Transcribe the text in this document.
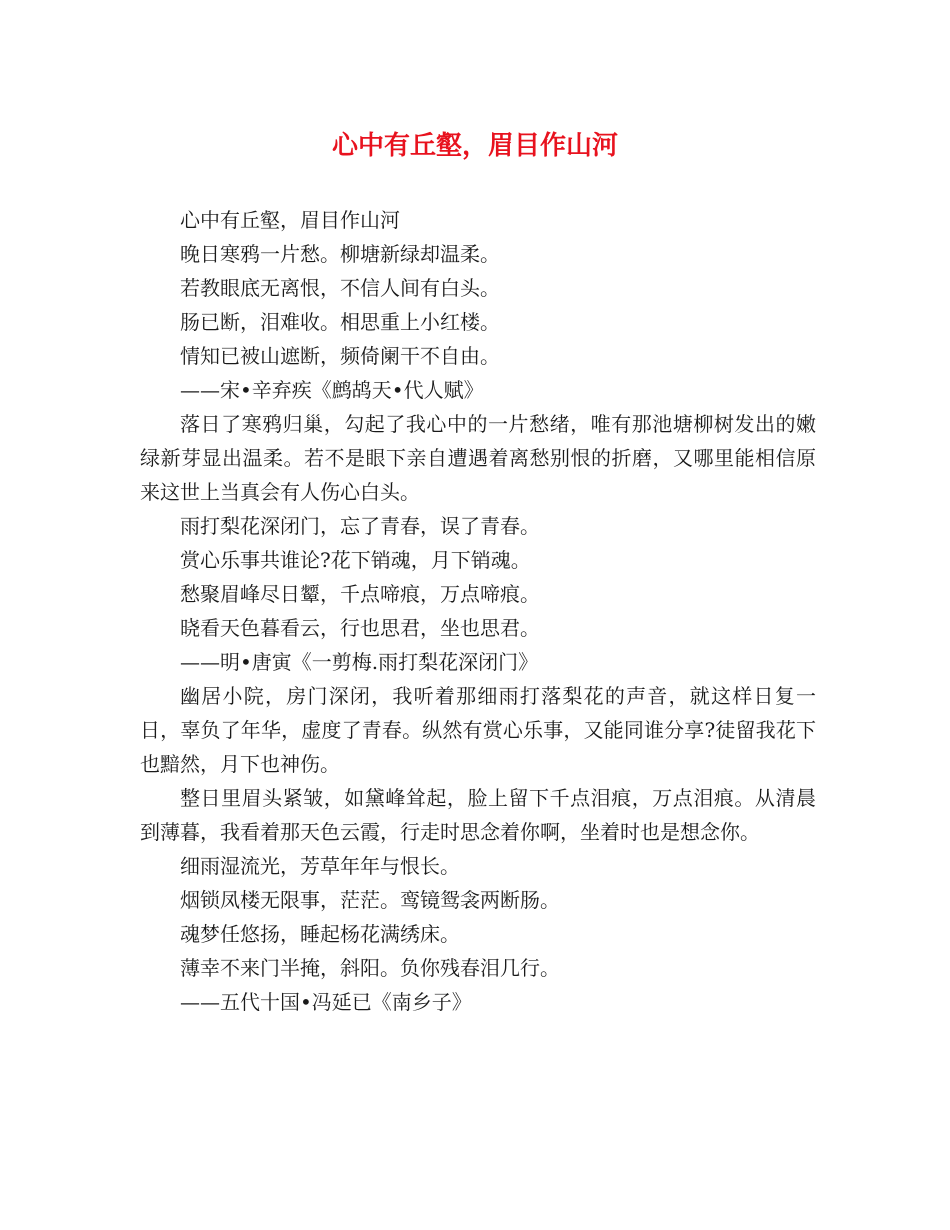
心中有丘壑，眉目作山河

心中有丘壑，眉目作山河

晚日寒鸦一片愁。柳塘新绿却温柔。

若教眼底无离恨，不信人间有白头。

肠已断，泪难收。相思重上小红楼。

情知已被山遮断，频倚阑干不自由。

——宋•辛弃疾《鹧鸪天•代人赋》

落日了寒鸦归巢，勾起了我心中的一片愁绪，唯有那池塘柳树发出的嫩绿新芽显出温柔。若不是眼下亲自遭遇着离愁别恨的折磨，又哪里能相信原来这世上当真会有人伤心白头。

雨打梨花深闭门，忘了青春，误了青春。

赏心乐事共谁论?花下销魂，月下销魂。

愁聚眉峰尽日颦，千点啼痕，万点啼痕。

晓看天色暮看云，行也思君，坐也思君。

——明•唐寅《一剪梅.雨打梨花深闭门》

幽居小院，房门深闭，我听着那细雨打落梨花的声音，就这样日复一日，辜负了年华，虚度了青春。纵然有赏心乐事，又能同谁分享?徒留我花下也黯然，月下也神伤。

整日里眉头紧皱，如黛峰耸起，脸上留下千点泪痕，万点泪痕。从清晨到薄暮，我看着那天色云霞，行走时思念着你啊，坐着时也是想念你。

细雨湿流光，芳草年年与恨长。

烟锁凤楼无限事，茫茫。鸾镜鸳衾两断肠。

魂梦任悠扬，睡起杨花满绣床。

薄幸不来门半掩，斜阳。负你残春泪几行。

——五代十国•冯延已《南乡子》
